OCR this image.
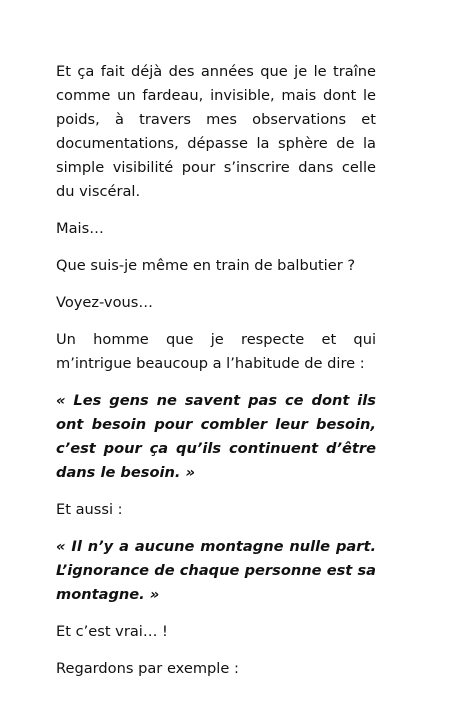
Et ça fait déjà des années que je le traîne comme un fardeau, invisible, mais dont le poids, à travers mes observations et documentations, dépasse la sphère de la simple visibilité pour s’inscrire dans celle du viscéral.

Mais…

Que suis-je même en train de balbutier ?

Voyez-vous…

Un homme que je respecte et qui m’intrigue beaucoup a l’habitude de dire :

« Les gens ne savent pas ce dont ils ont besoin pour combler leur besoin, c’est pour ça qu’ils continuent d’être dans le besoin. »

Et aussi :

« Il n’y a aucune montagne nulle part. L’ignorance de chaque personne est sa montagne. »

Et c’est vrai… !

Regardons par exemple :
